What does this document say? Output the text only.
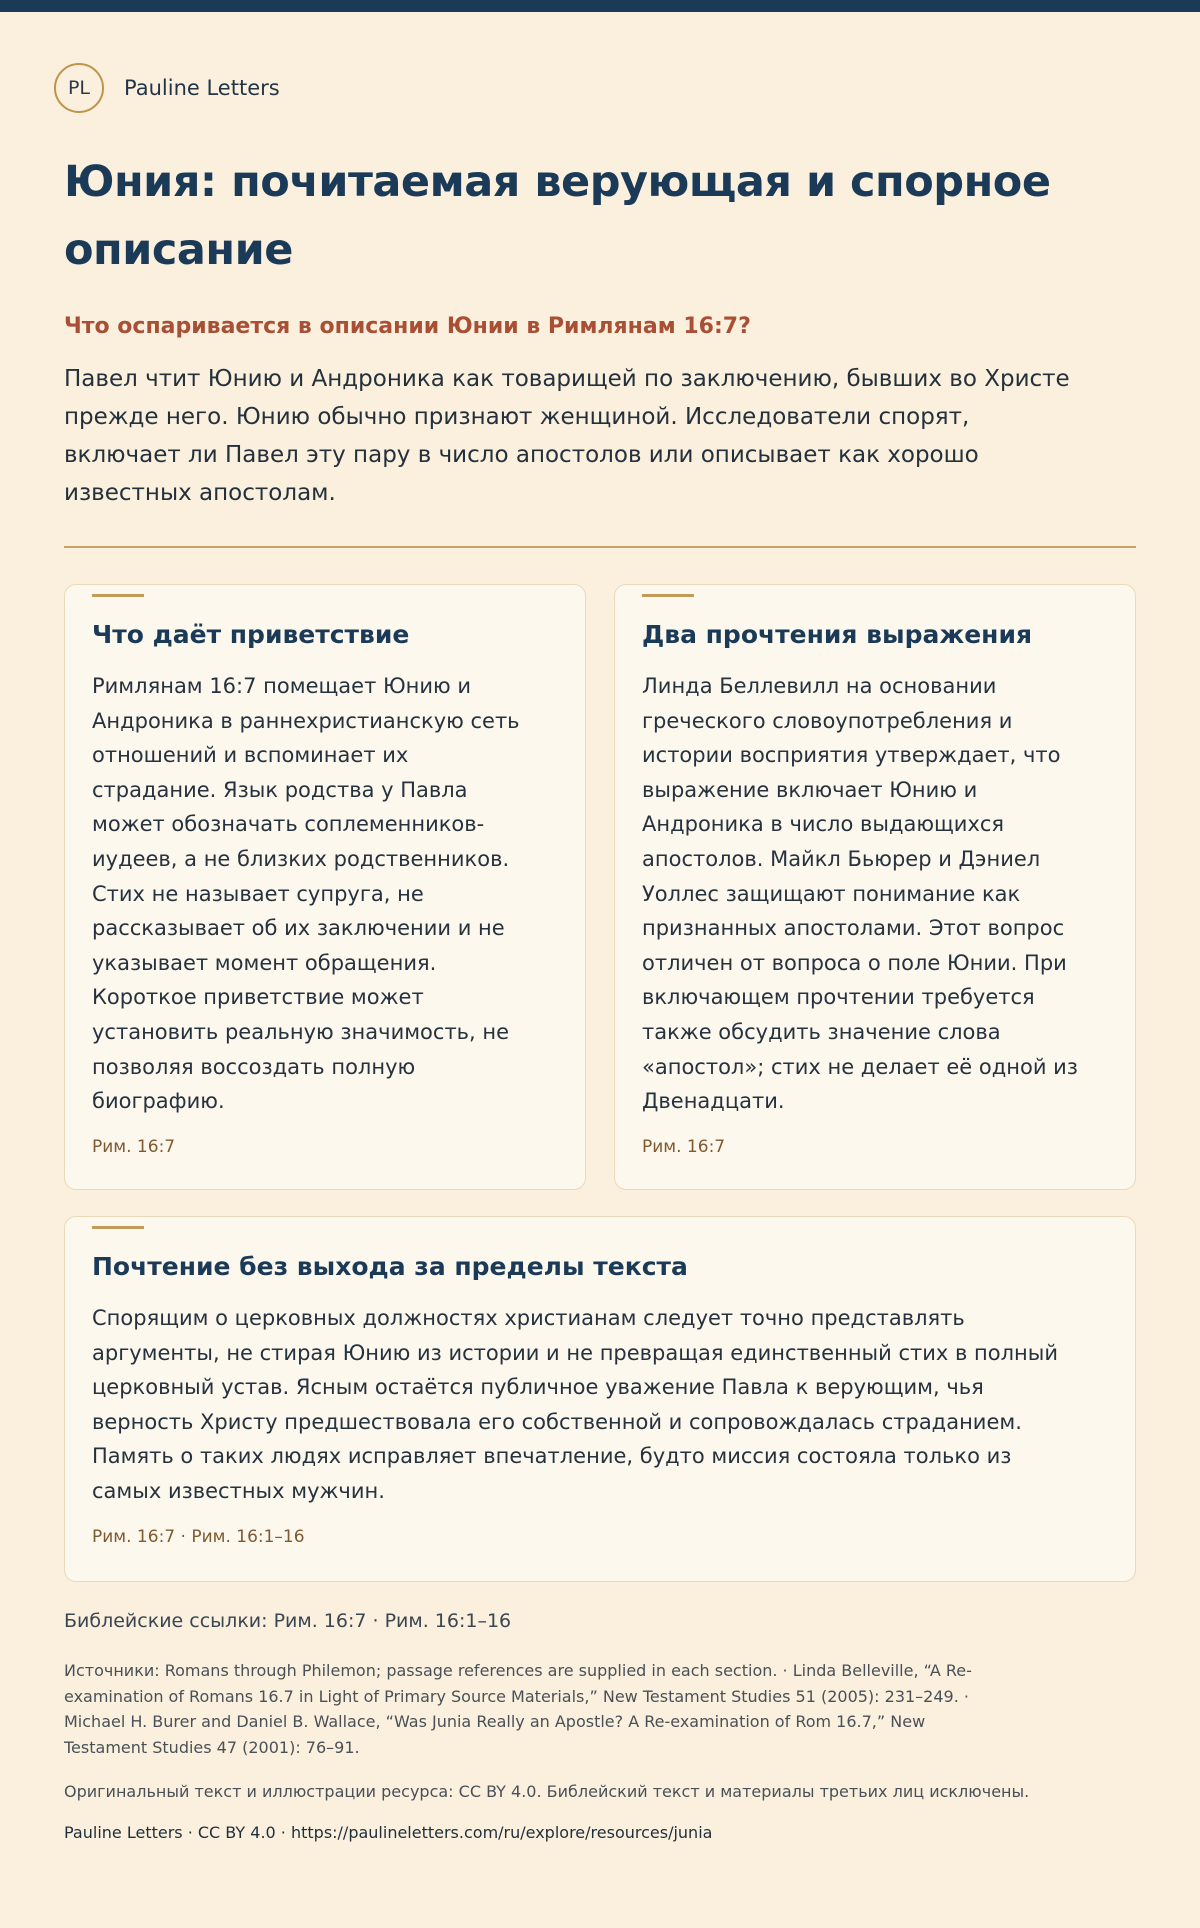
PL	Pauline Letters
Юния: почитаемая верующая и спорное описание
Что оспаривается в описании Юнии в Римлянам 16:7?

Павел чтит Юнию и Андроника как товарищей по заключению, бывших во Христе прежде него. Юнию обычно признают женщиной. Исследователи спорят, включает ли Павел эту пару в число апостолов или описывает как хорошо известных апостолам.

Что даёт приветствие

Римлянам 16:7 помещает Юнию и Андроника в раннехристианскую сеть отношений и вспоминает их страдание. Язык родства у Павла может обозначать соплеменников-иудеев, а не близких родственников. Стих не называет супруга, не рассказывает об их заключении и не указывает момент обращения. Короткое приветствие может установить реальную значимость, не позволяя воссоздать полную биографию.

Рим. 16:7
Два прочтения выражения

Линда Беллевилл на основании греческого словоупотребления и истории восприятия утверждает, что выражение включает Юнию и Андроника в число выдающихся апостолов. Майкл Бьюрер и Дэниел Уоллес защищают понимание как признанных апостолами. Этот вопрос отличен от вопроса о поле Юнии. При включающем прочтении требуется также обсудить значение слова «апостол»; стих не делает её одной из Двенадцати.

Рим. 16:7
Почтение без выхода за пределы текста

Спорящим о церковных должностях христианам следует точно представлять аргументы, не стирая Юнию из истории и не превращая единственный стих в полный церковный устав. Ясным остаётся публичное уважение Павла к верующим, чья верность Христу предшествовала его собственной и сопровождалась страданием. Память о таких людях исправляет впечатление, будто миссия состояла только из самых известных мужчин.

Рим. 16:7 · Рим. 16:1–16
Библейские ссылки: Рим. 16:7 · Рим. 16:1–16

Источники: Romans through Philemon; passage references are supplied in each section. · Linda Belleville, “A Re-examination of Romans 16.7 in Light of Primary Source Materials,” New Testament Studies 51 (2005): 231–249. · Michael H. Burer and Daniel B. Wallace, “Was Junia Really an Apostle? A Re-examination of Rom 16.7,” New Testament Studies 47 (2001): 76–91.

Оригинальный текст и иллюстрации ресурса: CC BY 4.0. Библейский текст и материалы третьих лиц исключены.

Pauline Letters · CC BY 4.0 · https://paulineletters.com/ru/explore/resources/junia
